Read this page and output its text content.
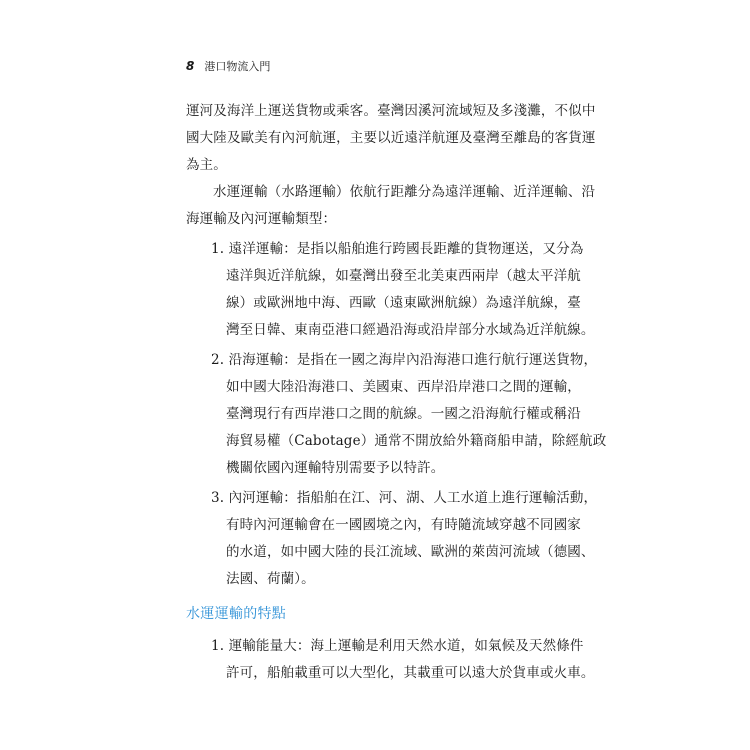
8 港口物流入門
運河及海洋上運送貨物或乘客。臺灣因溪河流域短及多淺灘，不似中
國大陸及歐美有內河航運，主要以近遠洋航運及臺灣至離島的客貨運
為主。
水運運輸（水路運輸）依航行距離分為遠洋運輸、近洋運輸、沿
海運輸及內河運輸類型：
1. 遠洋運輸：是指以船舶進行跨國長距離的貨物運送，又分為
遠洋與近洋航線，如臺灣出發至北美東西兩岸（越太平洋航
線）或歐洲地中海、西歐（遠東歐洲航線）為遠洋航線，臺
灣至日韓、東南亞港口經過沿海或沿岸部分水域為近洋航線。
2. 沿海運輸：是指在一國之海岸內沿海港口進行航行運送貨物，
如中國大陸沿海港口、美國東、西岸沿岸港口之間的運輸，
臺灣現行有西岸港口之間的航線。一國之沿海航行權或稱沿
海貿易權（Cabotage）通常不開放給外籍商船申請，除經航政
機關依國內運輸特別需要予以特許。
3. 內河運輸：指船舶在江、河、湖、人工水道上進行運輸活動，
有時內河運輸會在一國國境之內，有時隨流域穿越不同國家
的水道，如中國大陸的長江流域、歐洲的萊茵河流域（德國、
法國、荷蘭）。
水運運輸的特點
1. 運輸能量大：海上運輸是利用天然水道，如氣候及天然條件
許可，船舶載重可以大型化，其載重可以遠大於貨車或火車。
